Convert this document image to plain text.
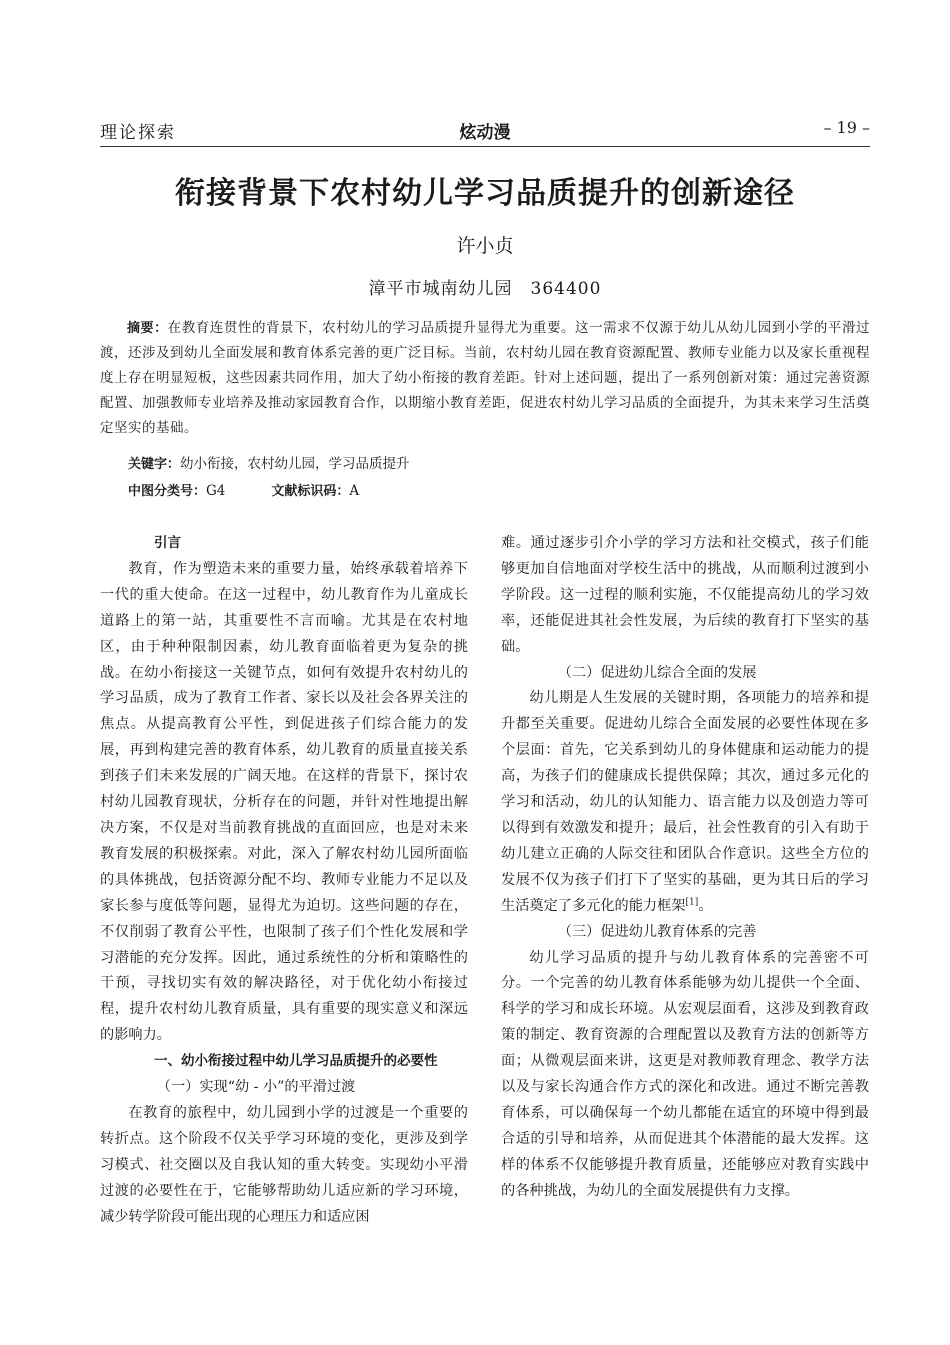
理论探索	炫动漫	– 19 –
衔接背景下农村幼儿学习品质提升的创新途径
许小贞
漳平市城南幼儿园　364400
摘要：在教育连贯性的背景下，农村幼儿的学习品质提升显得尤为重要。这一需求不仅源于幼儿从幼儿园到小学的平滑过渡，还涉及到幼儿全面发展和教育体系完善的更广泛目标。当前，农村幼儿园在教育资源配置、教师专业能力以及家长重视程度上存在明显短板，这些因素共同作用，加大了幼小衔接的教育差距。针对上述问题，提出了一系列创新对策：通过完善资源配置、加强教师专业培养及推动家园教育合作，以期缩小教育差距，促进农村幼儿学习品质的全面提升，为其未来学习生活奠定坚实的基础。
关键字：幼小衔接，农村幼儿园，学习品质提升
中图分类号：G4	文献标识码：A

引言

教育，作为塑造未来的重要力量，始终承载着培养下一代的重大使命。在这一过程中，幼儿教育作为儿童成长道路上的第一站，其重要性不言而喻。尤其是在农村地区，由于种种限制因素，幼儿教育面临着更为复杂的挑战。在幼小衔接这一关键节点，如何有效提升农村幼儿的学习品质，成为了教育工作者、家长以及社会各界关注的焦点。从提高教育公平性，到促进孩子们综合能力的发展，再到构建完善的教育体系，幼儿教育的质量直接关系到孩子们未来发展的广阔天地。在这样的背景下，探讨农村幼儿园教育现状，分析存在的问题，并针对性地提出解决方案，不仅是对当前教育挑战的直面回应，也是对未来教育发展的积极探索。对此，深入了解农村幼儿园所面临的具体挑战，包括资源分配不均、教师专业能力不足以及家长参与度低等问题，显得尤为迫切。这些问题的存在，不仅削弱了教育公平性，也限制了孩子们个性化发展和学习潜能的充分发挥。因此，通过系统性的分析和策略性的干预，寻找切实有效的解决路径，对于优化幼小衔接过程，提升农村幼儿教育质量，具有重要的现实意义和深远的影响力。

一、幼小衔接过程中幼儿学习品质提升的必要性

（一）实现“幼 - 小”的平滑过渡

在教育的旅程中，幼儿园到小学的过渡是一个重要的转折点。这个阶段不仅关乎学习环境的变化，更涉及到学习模式、社交圈以及自我认知的重大转变。实现幼小平滑过渡的必要性在于，它能够帮助幼儿适应新的学习环境，减少转学阶段可能出现的心理压力和适应困

难。通过逐步引介小学的学习方法和社交模式，孩子们能够更加自信地面对学校生活中的挑战，从而顺利过渡到小学阶段。这一过程的顺利实施，不仅能提高幼儿的学习效率，还能促进其社会性发展，为后续的教育打下坚实的基础。

（二）促进幼儿综合全面的发展

幼儿期是人生发展的关键时期，各项能力的培养和提升都至关重要。促进幼儿综合全面发展的必要性体现在多个层面：首先，它关系到幼儿的身体健康和运动能力的提高，为孩子们的健康成长提供保障；其次，通过多元化的学习和活动，幼儿的认知能力、语言能力以及创造力等可以得到有效激发和提升；最后，社会性教育的引入有助于幼儿建立正确的人际交往和团队合作意识。这些全方位的发展不仅为孩子们打下了坚实的基础，更为其日后的学习生活奠定了多元化的能力框架[1]。

（三）促进幼儿教育体系的完善

幼儿学习品质的提升与幼儿教育体系的完善密不可分。一个完善的幼儿教育体系能够为幼儿提供一个全面、科学的学习和成长环境。从宏观层面看，这涉及到教育政策的制定、教育资源的合理配置以及教育方法的创新等方面；从微观层面来讲，这更是对教师教育理念、教学方法以及与家长沟通合作方式的深化和改进。通过不断完善教育体系，可以确保每一个幼儿都能在适宜的环境中得到最合适的引导和培养，从而促进其个体潜能的最大发挥。这样的体系不仅能够提升教育质量，还能够应对教育实践中的各种挑战，为幼儿的全面发展提供有力支撑。
